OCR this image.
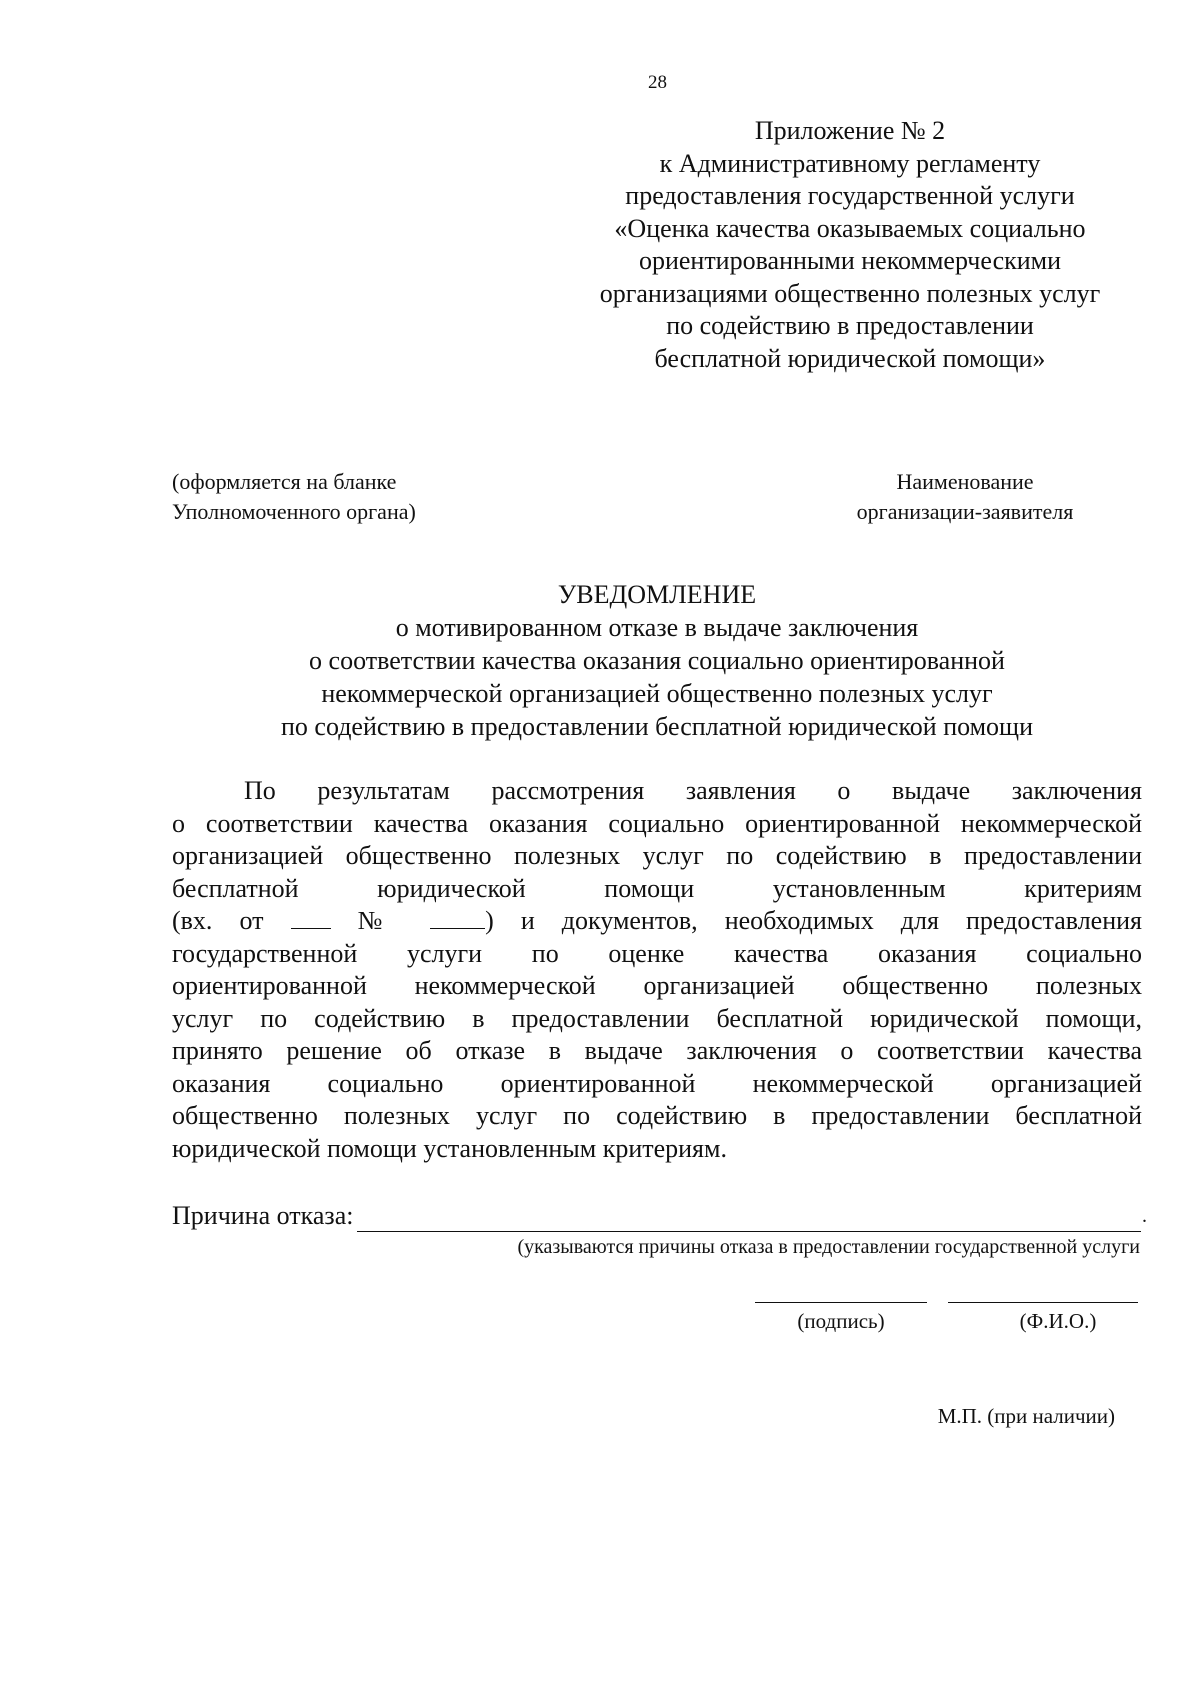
28
Приложение № 2
к Административному регламенту
предоставления государственной услуги
«Оценка качества оказываемых социально
ориентированными некоммерческими
организациями общественно полезных услуг
по содействию в предоставлении
бесплатной юридической помощи»
(оформляется на бланке
Уполномоченного органа)
Наименование
организации-заявителя
УВЕДОМЛЕНИЕ
о мотивированном отказе в выдаче заключения
о соответствии качества оказания социально ориентированной
некоммерческой организацией общественно полезных услуг
по содействию в предоставлении бесплатной юридической помощи
По результатам рассмотрения заявления о выдаче заключения
о соответствии качества оказания социально ориентированной некоммерческой
организацией общественно полезных услуг по содействию в предоставлении
бесплатной юридической помощи установленным критериям
(вх. от	№	) и документов, необходимых для предоставления
государственной услуги по оценке качества оказания социально
ориентированной некоммерческой организацией общественно полезных
услуг по содействию в предоставлении бесплатной юридической помощи,
принято решение об отказе в выдаче заключения о соответствии качества
оказания социально ориентированной некоммерческой организацией
общественно полезных услуг по содействию в предоставлении бесплатной
юридической помощи установленным критериям.
Причина отказа:	.
(указываются причины отказа в предоставлении государственной услуги
(подпись)	(Ф.И.О.)
М.П. (при наличии)
